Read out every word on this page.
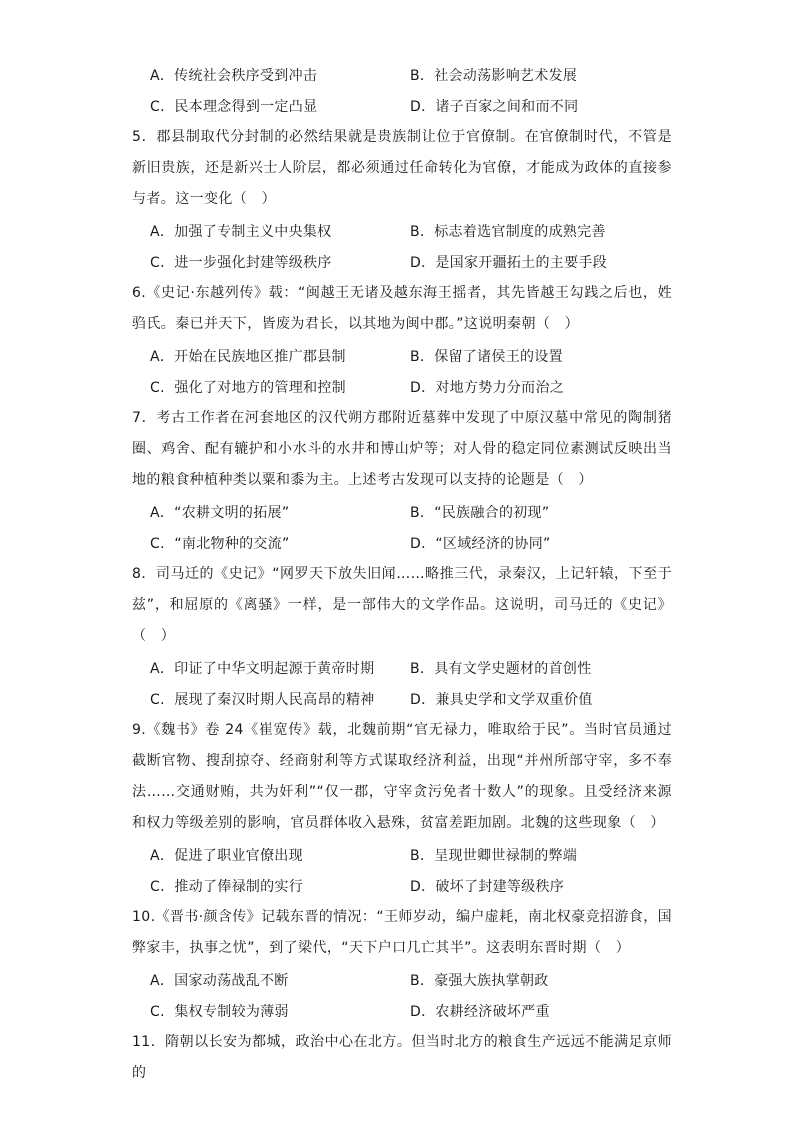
A．传统社会秩序受到冲击	B．社会动荡影响艺术发展
C．民本理念得到一定凸显	D．诸子百家之间和而不同
5．郡县制取代分封制的必然结果就是贵族制让位于官僚制。在官僚制时代，不管是新旧贵族，还是新兴士人阶层，都必须通过任命转化为官僚，才能成为政体的直接参与者。这一变化（　）
A．加强了专制主义中央集权	B．标志着选官制度的成熟完善
C．进一步强化封建等级秩序	D．是国家开疆拓土的主要手段
6.《史记·东越列传》载：“闽越王无诸及越东海王摇者，其先皆越王勾践之后也，姓驺氏。秦已并天下，皆废为君长，以其地为闽中郡。”这说明秦朝（　）
A．开始在民族地区推广郡县制	B．保留了诸侯王的设置
C．强化了对地方的管理和控制	D．对地方势力分而治之
7．考古工作者在河套地区的汉代朔方郡附近墓葬中发现了中原汉墓中常见的陶制猪圈、鸡舍、配有辘护和小水斗的水井和博山炉等；对人骨的稳定同位素测试反映出当地的粮食种植种类以粟和黍为主。上述考古发现可以支持的论题是（　）
A．“农耕文明的拓展”	B．“民族融合的初现”
C．“南北物种的交流”	D．“区域经济的协同”
8．司马迁的《史记》“网罗天下放失旧闻……略推三代，录秦汉，上记轩辕，下至于兹”，和屈原的《离骚》一样，是一部伟大的文学作品。这说明，司马迁的《史记》（　）
A．印证了中华文明起源于黄帝时期	B．具有文学史题材的首创性
C．展现了秦汉时期人民高昂的精神	D．兼具史学和文学双重价值
9.《魏书》卷 24《崔宽传》载，北魏前期“官无禄力，唯取给于民”。当时官员通过截断官物、搜刮掠夺、经商射利等方式谋取经济利益，出现“并州所部守宰，多不奉法……交通财贿，共为奸利”“仅一郡，守宰贪污免者十数人”的现象。且受经济来源和权力等级差别的影响，官员群体收入悬殊，贫富差距加剧。北魏的这些现象（　）
A．促进了职业官僚出现	B．呈现世卿世禄制的弊端
C．推动了俸禄制的实行	D．破坏了封建等级秩序
10.《晋书·颜含传》记载东晋的情况：“王师岁动，编户虚耗，南北权豪竞招游食，国弊家丰，执事之忧”，到了梁代，“天下户口几亡其半”。这表明东晋时期（　）
A．国家动荡战乱不断	B．豪强大族执掌朝政
C．集权专制较为薄弱	D．农耕经济破坏严重
11．隋朝以长安为都城，政治中心在北方。但当时北方的粮食生产远远不能满足京师的
